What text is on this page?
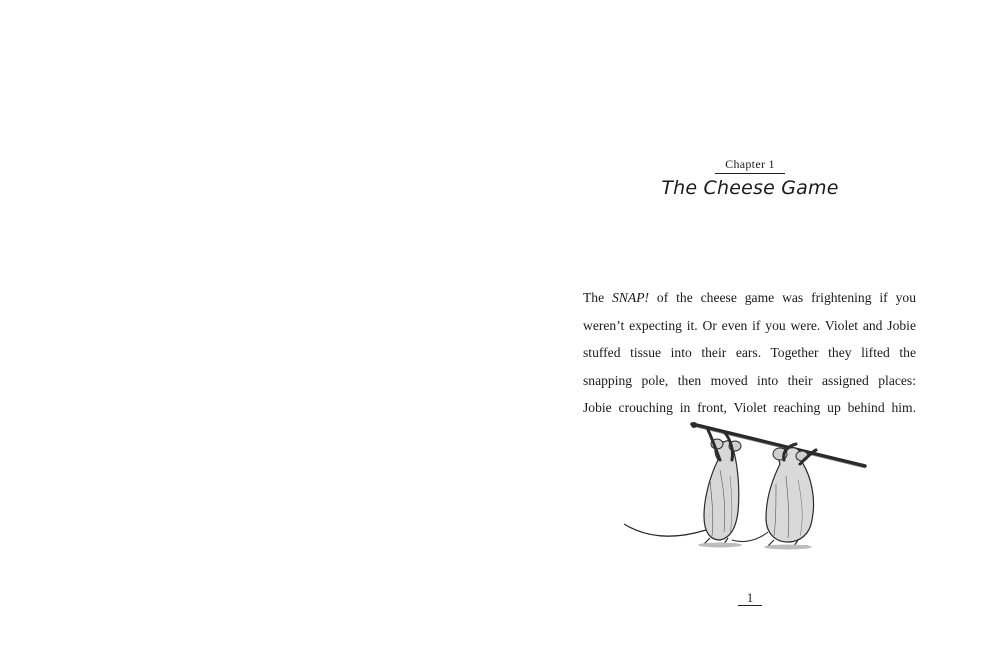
Chapter 1
The Cheese Game
The SNAP! of the cheese game was frightening if you
weren’t expecting it. Or even if you were. Violet and Jobie
stuffed tissue into their ears. Together they lifted the
snapping pole, then moved into their assigned places:
Jobie crouching in front, Violet reaching up behind him.
1
